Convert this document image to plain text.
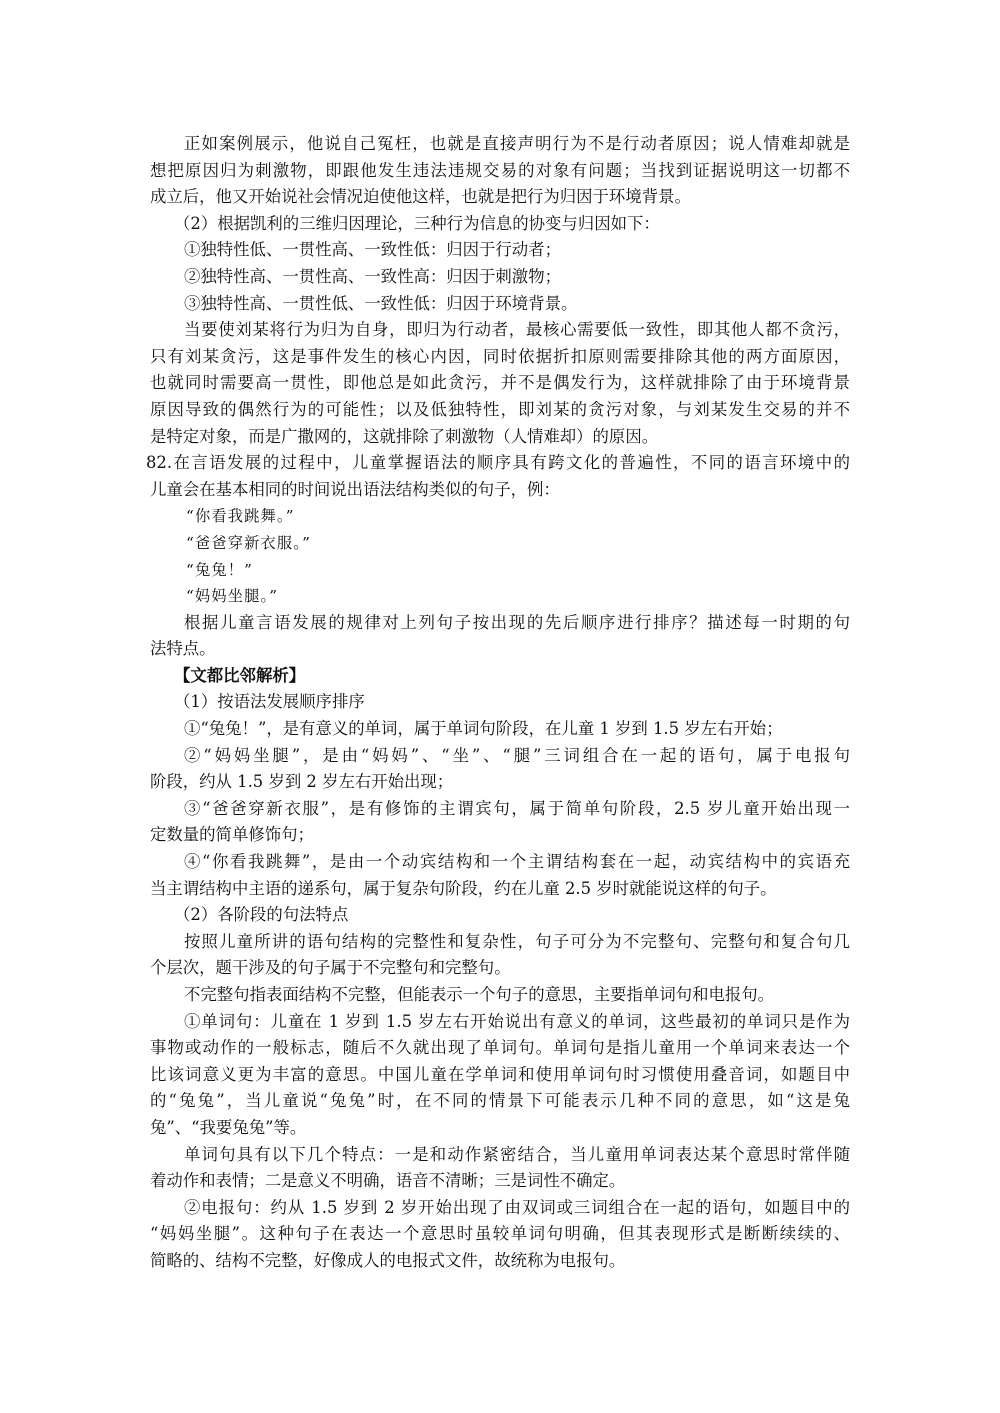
正如案例展示，他说自己冤枉，也就是直接声明行为不是行动者原因；说人情难却就是
想把原因归为刺激物，即跟他发生违法违规交易的对象有问题；当找到证据说明这一切都不
成立后，他又开始说社会情况迫使他这样，也就是把行为归因于环境背景。
（2）根据凯利的三维归因理论，三种行为信息的协变与归因如下：
①独特性低、一贯性高、一致性低：归因于行动者；
②独特性高、一贯性高、一致性高：归因于刺激物；
③独特性高、一贯性低、一致性低：归因于环境背景。
当要使刘某将行为归为自身，即归为行动者，最核心需要低一致性，即其他人都不贪污，
只有刘某贪污，这是事件发生的核心内因，同时依据折扣原则需要排除其他的两方面原因，
也就同时需要高一贯性，即他总是如此贪污，并不是偶发行为，这样就排除了由于环境背景
原因导致的偶然行为的可能性；以及低独特性，即刘某的贪污对象，与刘某发生交易的并不
是特定对象，而是广撒网的，这就排除了刺激物（人情难却）的原因。
82.在言语发展的过程中，儿童掌握语法的顺序具有跨文化的普遍性，不同的语言环境中的
儿童会在基本相同的时间说出语法结构类似的句子，例：
“你看我跳舞。”
“爸爸穿新衣服。”
“兔兔！”
“妈妈坐腿。”
根据儿童言语发展的规律对上列句子按出现的先后顺序进行排序？描述每一时期的句
法特点。
【文都比邻解析】
（1）按语法发展顺序排序
①“兔兔！”，是有意义的单词，属于单词句阶段，在儿童 1 岁到 1.5 岁左右开始；
②“妈妈坐腿”，是由“妈妈”、“坐”、“腿”三词组合在一起的语句，属于电报句
阶段，约从 1.5 岁到 2 岁左右开始出现；
③“爸爸穿新衣服”，是有修饰的主谓宾句，属于简单句阶段，2.5 岁儿童开始出现一
定数量的简单修饰句；
④“你看我跳舞”，是由一个动宾结构和一个主谓结构套在一起，动宾结构中的宾语充
当主谓结构中主语的递系句，属于复杂句阶段，约在儿童 2.5 岁时就能说这样的句子。
（2）各阶段的句法特点
按照儿童所讲的语句结构的完整性和复杂性，句子可分为不完整句、完整句和复合句几
个层次，题干涉及的句子属于不完整句和完整句。
不完整句指表面结构不完整，但能表示一个句子的意思，主要指单词句和电报句。
①单词句：儿童在 1 岁到 1.5 岁左右开始说出有意义的单词，这些最初的单词只是作为
事物或动作的一般标志，随后不久就出现了单词句。单词句是指儿童用一个单词来表达一个
比该词意义更为丰富的意思。中国儿童在学单词和使用单词句时习惯使用叠音词，如题目中
的“兔兔”，当儿童说“兔兔”时，在不同的情景下可能表示几种不同的意思，如“这是兔
兔”、“我要兔兔”等。
单词句具有以下几个特点：一是和动作紧密结合，当儿童用单词表达某个意思时常伴随
着动作和表情；二是意义不明确，语音不清晰；三是词性不确定。
②电报句：约从 1.5 岁到 2 岁开始出现了由双词或三词组合在一起的语句，如题目中的
“妈妈坐腿”。这种句子在表达一个意思时虽较单词句明确，但其表现形式是断断续续的、
简略的、结构不完整，好像成人的电报式文件，故统称为电报句。
